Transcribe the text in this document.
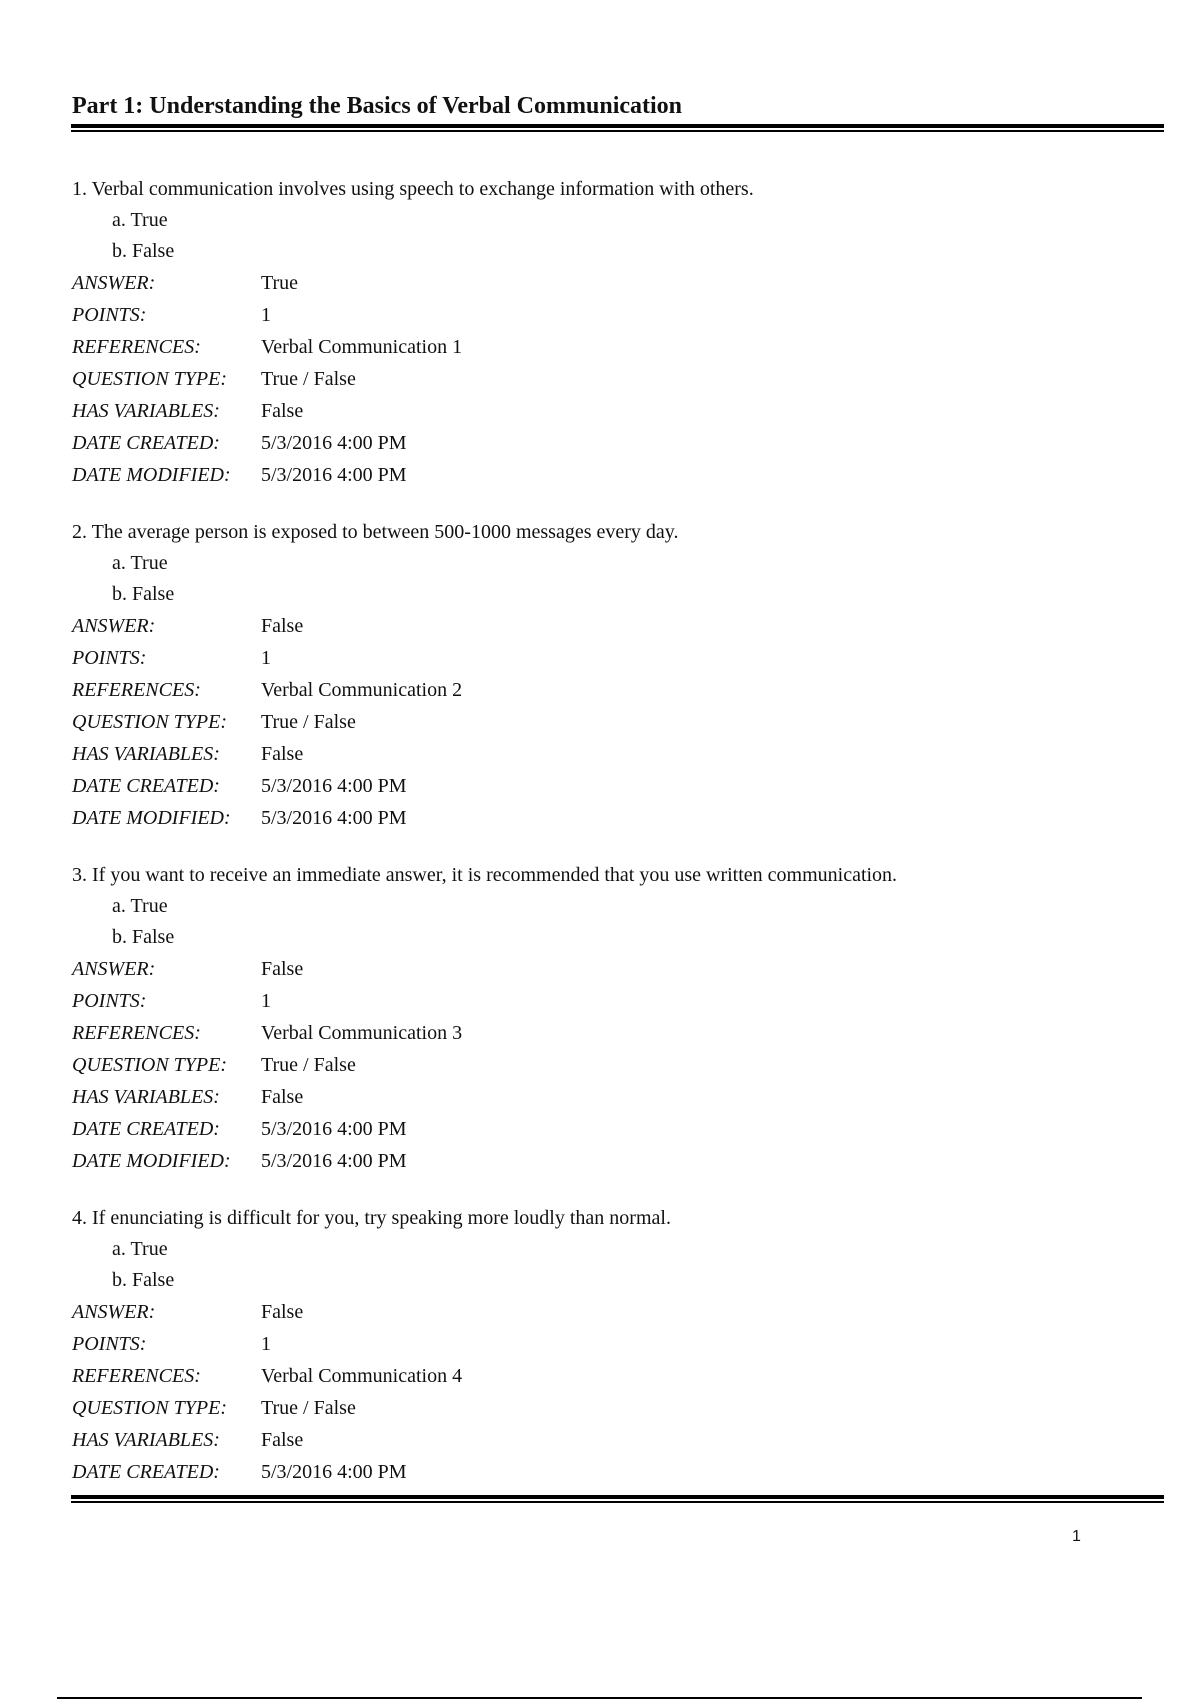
Part 1: Understanding the Basics of Verbal Communication

1. Verbal communication involves using speech to exchange information with others.

a. True
b. False
ANSWER:	True
POINTS:	1
REFERENCES:	Verbal Communication 1
QUESTION TYPE:	True / False
HAS VARIABLES:	False
DATE CREATED:	5/3/2016 4:00 PM
DATE MODIFIED:	5/3/2016 4:00 PM

2. The average person is exposed to between 500-1000 messages every day.

a. True
b. False
ANSWER:	False
POINTS:	1
REFERENCES:	Verbal Communication 2
QUESTION TYPE:	True / False
HAS VARIABLES:	False
DATE CREATED:	5/3/2016 4:00 PM
DATE MODIFIED:	5/3/2016 4:00 PM

3. If you want to receive an immediate answer, it is recommended that you use written communication.

a. True
b. False
ANSWER:	False
POINTS:	1
REFERENCES:	Verbal Communication 3
QUESTION TYPE:	True / False
HAS VARIABLES:	False
DATE CREATED:	5/3/2016 4:00 PM
DATE MODIFIED:	5/3/2016 4:00 PM

4. If enunciating is difficult for you, try speaking more loudly than normal.

a. True
b. False
ANSWER:	False
POINTS:	1
REFERENCES:	Verbal Communication 4
QUESTION TYPE:	True / False
HAS VARIABLES:	False
DATE CREATED:	5/3/2016 4:00 PM
1
